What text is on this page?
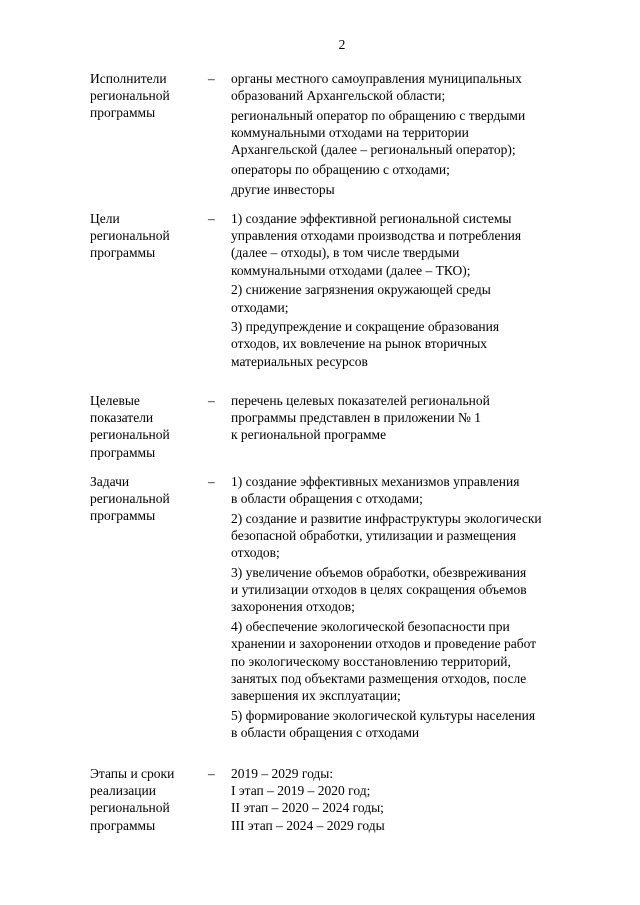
2
Исполнители
региональной
программы
– органы местного самоуправления муниципальных
образований Архангельской области;
региональный оператор по обращению с твердыми
коммунальными отходами на территории
Архангельской (далее – региональный оператор);
операторы по обращению с отходами;
другие инвесторы
Цели
региональной
программы
– 1) создание эффективной региональной системы
управления отходами производства и потребления
(далее – отходы), в том числе твердыми
коммунальными отходами (далее – ТКО);
2) снижение загрязнения окружающей среды
отходами;
3) предупреждение и сокращение образования
отходов, их вовлечение на рынок вторичных
материальных ресурсов
Целевые
показатели
региональной
программы
– перечень целевых показателей региональной
программы представлен в приложении № 1
к региональной программе
Задачи
региональной
программы
– 1) создание эффективных механизмов управления
в области обращения с отходами;
2) создание и развитие инфраструктуры экологически
безопасной обработки, утилизации и размещения
отходов;
3) увеличение объемов обработки, обезвреживания
и утилизации отходов в целях сокращения объемов
захоронения отходов;
4) обеспечение экологической безопасности при
хранении и захоронении отходов и проведение работ
по экологическому восстановлению территорий,
занятых под объектами размещения отходов, после
завершения их эксплуатации;
5) формирование экологической культуры населения
в области обращения с отходами
Этапы и сроки
реализации
региональной
программы
– 2019 – 2029 годы:
I этап – 2019 – 2020 год;
II этап – 2020 – 2024 годы;
III этап – 2024 – 2029 годы
